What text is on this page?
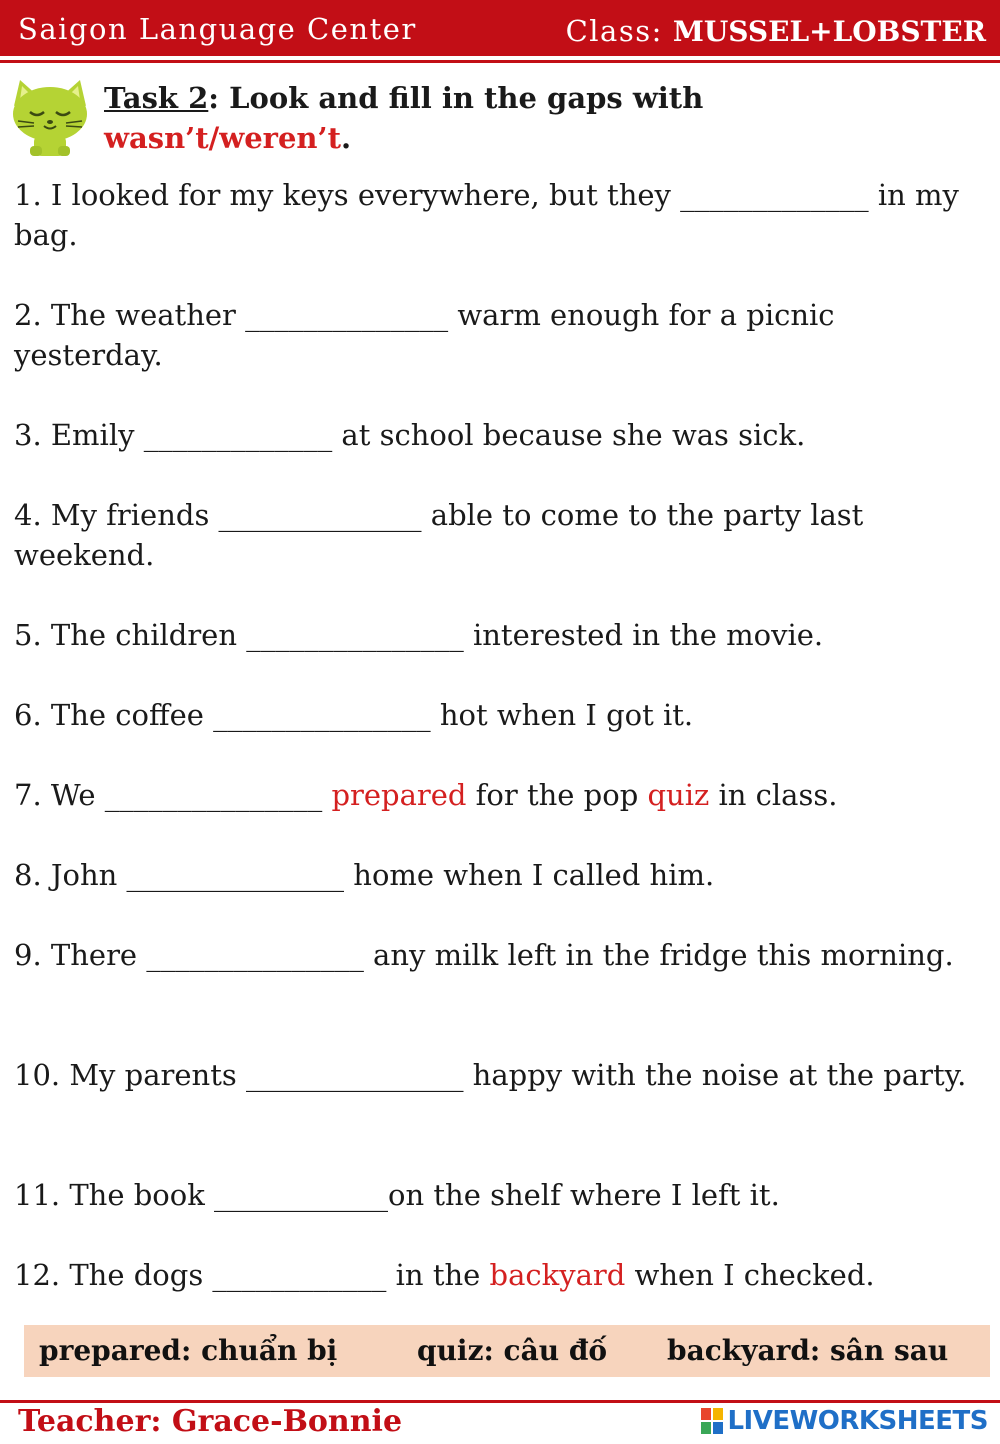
Saigon Language Center	Class: MUSSEL+LOBSTER
Task 2: Look and fill in the gaps with
wasn’t/weren’t.
1. I looked for my keys everywhere, but they _____________ in my bag.
2. The weather ______________ warm enough for a picnic yesterday.
3. Emily _____________ at school because she was sick.
4. My friends ______________ able to come to the party last weekend.
5. The children _______________ interested in the movie.
6. The coffee _______________ hot when I got it.
7. We _______________ prepared for the pop quiz in class.
8. John _______________ home when I called him.
9. There _______________ any milk left in the fridge this morning.
10. My parents _______________ happy with the noise at the party.
11. The book ____________on the shelf where I left it.
12. The dogs ____________ in the backyard when I checked.
prepared: chuẩn bị	quiz: câu đố backyard: sân sau
Teacher: Grace-Bonnie	LIVEWORKSHEETS
